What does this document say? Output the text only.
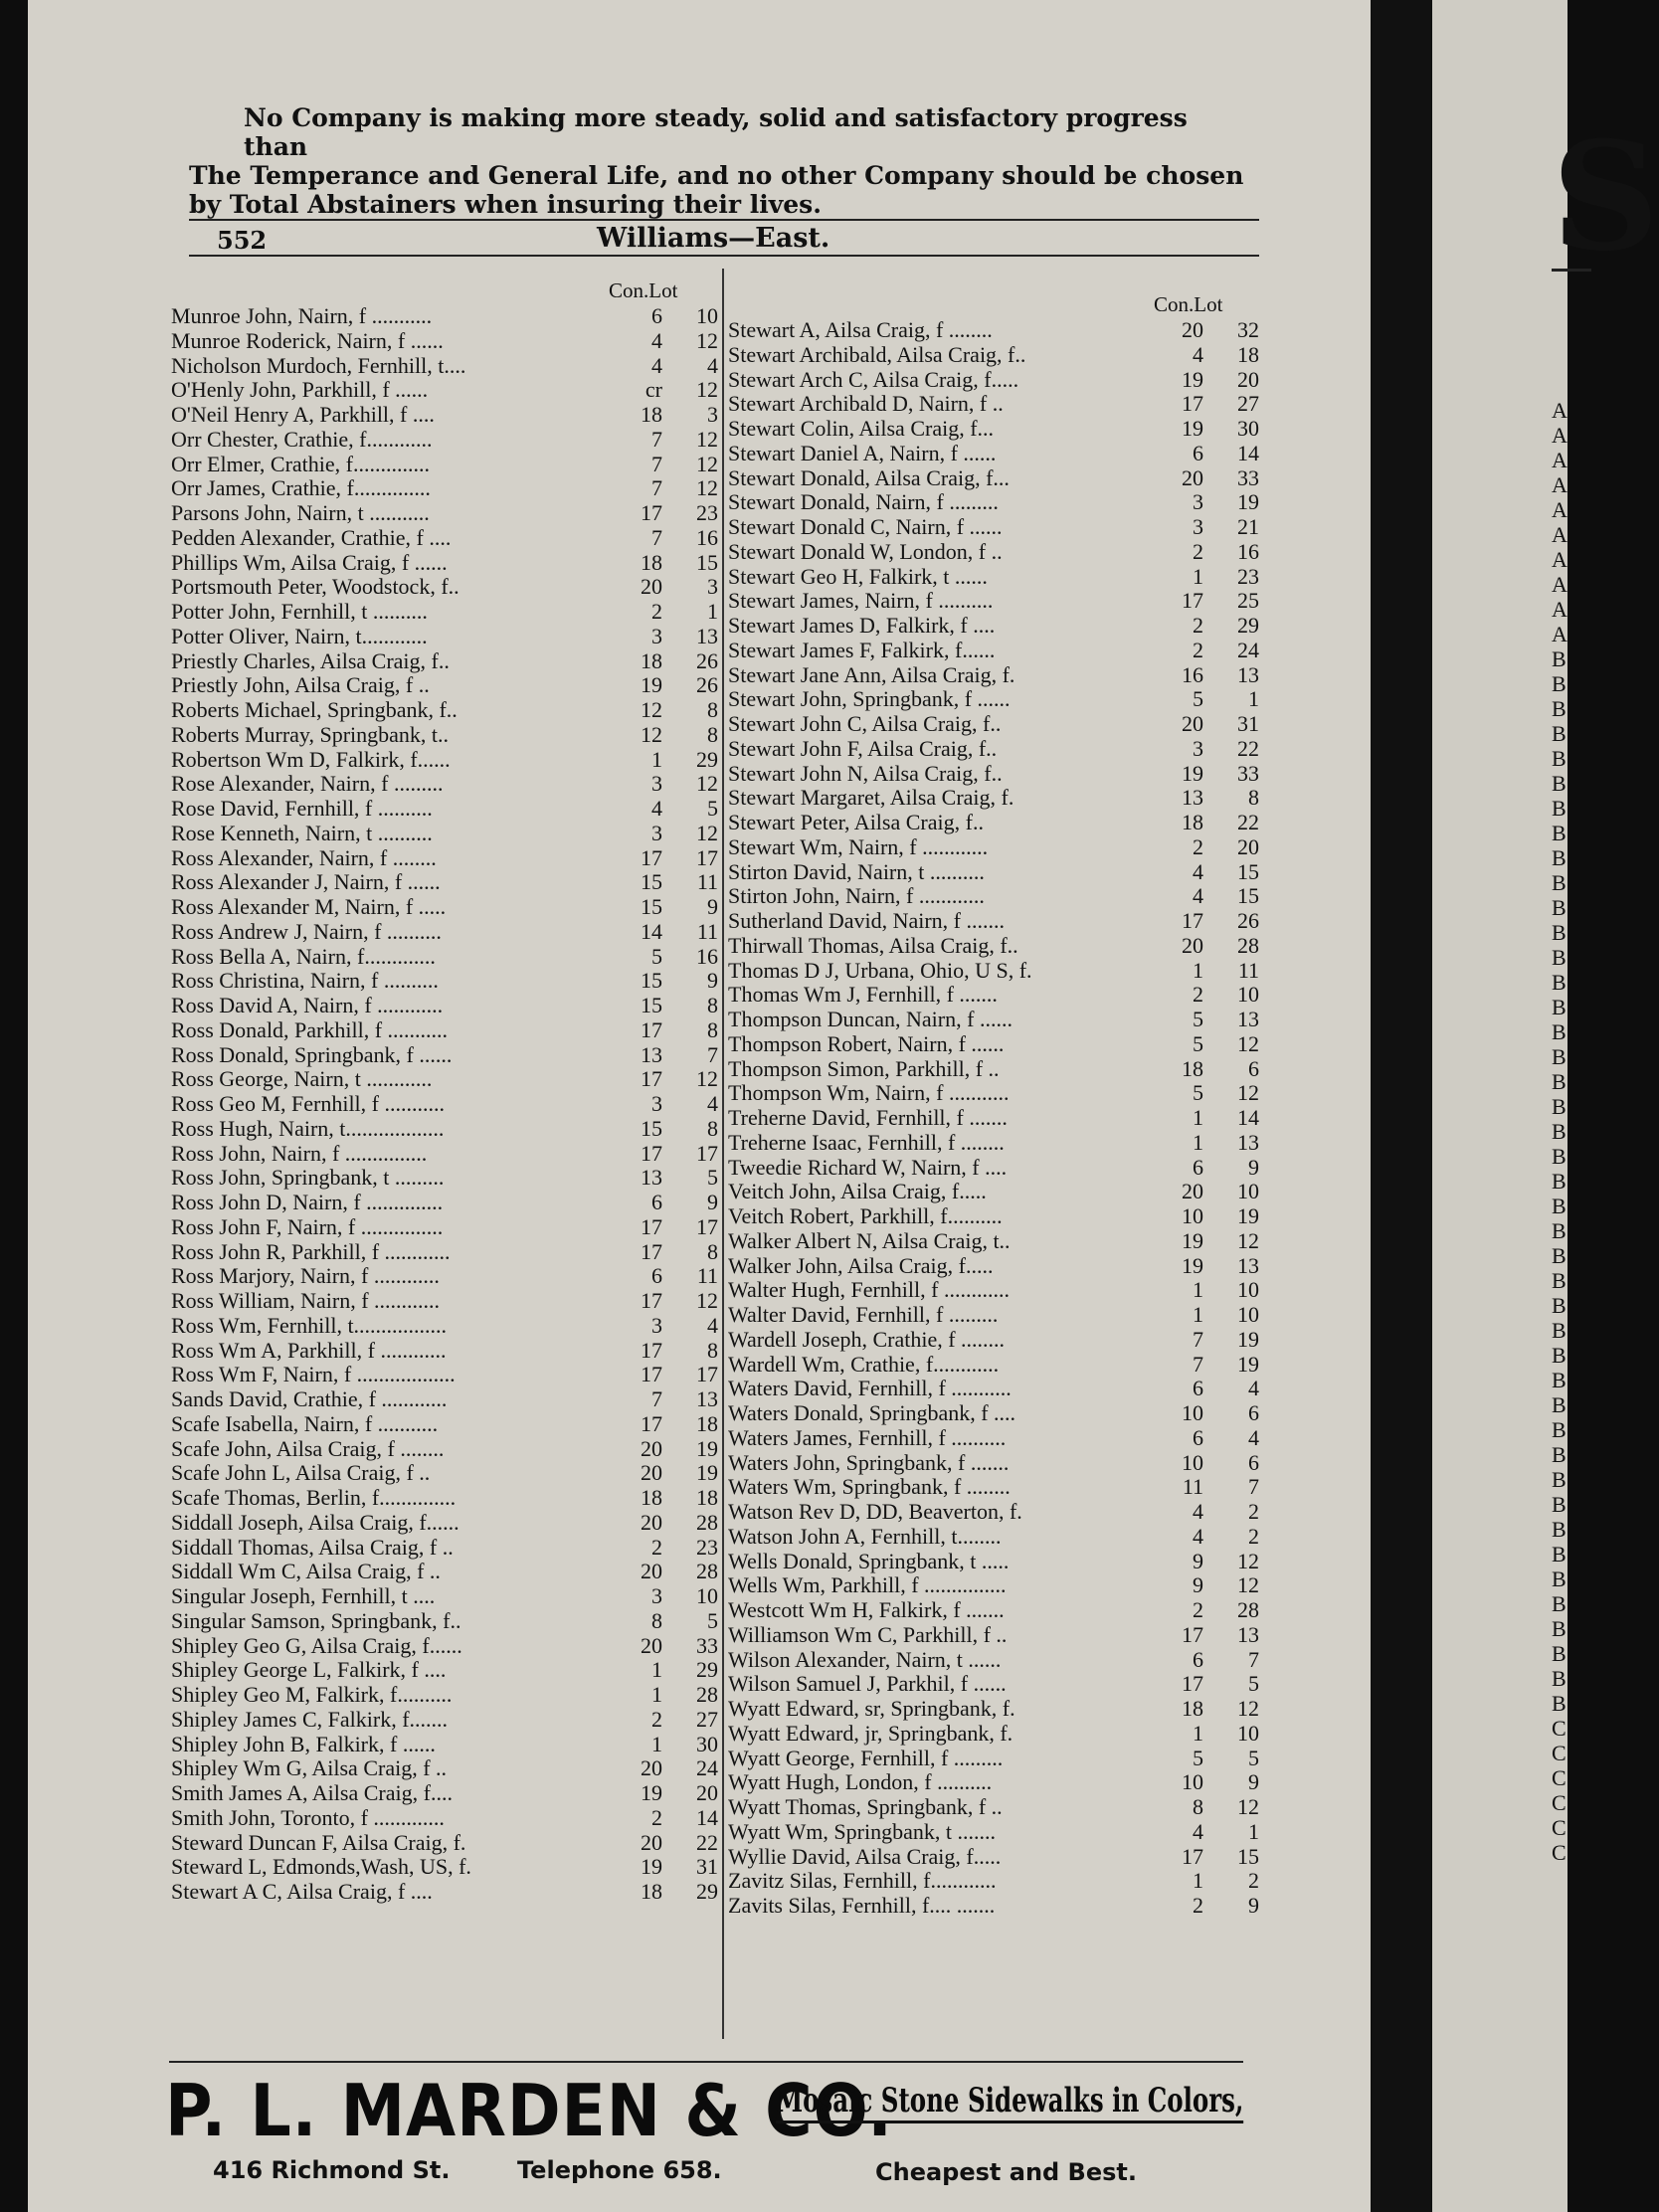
S
A
A
A
A
A
A
A
A
A
A
B
B
B
B
B
B
B
B
B
B
B
B
B
B
B
B
B
B
B
B
B
B
B
B
B
B
B
B
B
B
B
B
B
B
B
B
B
B
B
B
B
B
B
C
C
C
C
C
C
No Company is making more steady, solid and satisfactory progress than
The Temperance and General Life, and no other Company should be chosen
by Total Abstainers when insuring their lives.
552	Williams—East.
Con.Lot
Con.Lot
Munroe John, Nairn, f ...........	6	10
Munroe Roderick, Nairn, f ......	4	12
Nicholson Murdoch, Fernhill, t....	4	4
O'Henly John, Parkhill, f ......	cr	12
O'Neil Henry A, Parkhill, f ....	18	3
Orr Chester, Crathie, f............	7	12
Orr Elmer, Crathie, f..............	7	12
Orr James, Crathie, f..............	7	12
Parsons John, Nairn, t ...........	17	23
Pedden Alexander, Crathie, f ....	7	16
Phillips Wm, Ailsa Craig, f ......	18	15
Portsmouth Peter, Woodstock, f..	20	3
Potter John, Fernhill, t ..........	2	1
Potter Oliver, Nairn, t............	3	13
Priestly Charles, Ailsa Craig, f..	18	26
Priestly John, Ailsa Craig, f ..	19	26
Roberts Michael, Springbank, f..	12	8
Roberts Murray, Springbank, t..	12	8
Robertson Wm D, Falkirk, f......	1	29
Rose Alexander, Nairn, f .........	3	12
Rose David, Fernhill, f ..........	4	5
Rose Kenneth, Nairn, t ..........	3	12
Ross Alexander, Nairn, f ........	17	17
Ross Alexander J, Nairn, f ......	15	11
Ross Alexander M, Nairn, f .....	15	9
Ross Andrew J, Nairn, f ..........	14	11
Ross Bella A, Nairn, f.............	5	16
Ross Christina, Nairn, f ..........	15	9
Ross David A, Nairn, f ............	15	8
Ross Donald, Parkhill, f ...........	17	8
Ross Donald, Springbank, f ......	13	7
Ross George, Nairn, t ............	17	12
Ross Geo M, Fernhill, f ...........	3	4
Ross Hugh, Nairn, t..................	15	8
Ross John, Nairn, f ...............	17	17
Ross John, Springbank, t .........	13	5
Ross John D, Nairn, f ..............	6	9
Ross John F, Nairn, f ...............	17	17
Ross John R, Parkhill, f ............	17	8
Ross Marjory, Nairn, f ............	6	11
Ross William, Nairn, f ............	17	12
Ross Wm, Fernhill, t.................	3	4
Ross Wm A, Parkhill, f ............	17	8
Ross Wm F, Nairn, f ..................	17	17
Sands David, Crathie, f ............	7	13
Scafe Isabella, Nairn, f ...........	17	18
Scafe John, Ailsa Craig, f ........	20	19
Scafe John L, Ailsa Craig, f ..	20	19
Scafe Thomas, Berlin, f..............	18	18
Siddall Joseph, Ailsa Craig, f......	20	28
Siddall Thomas, Ailsa Craig, f ..	2	23
Siddall Wm C, Ailsa Craig, f ..	20	28
Singular Joseph, Fernhill, t ....	3	10
Singular Samson, Springbank, f..	8	5
Shipley Geo G, Ailsa Craig, f......	20	33
Shipley George L, Falkirk, f ....	1	29
Shipley Geo M, Falkirk, f..........	1	28
Shipley James C, Falkirk, f.......	2	27
Shipley John B, Falkirk, f ......	1	30
Shipley Wm G, Ailsa Craig, f ..	20	24
Smith James A, Ailsa Craig, f....	19	20
Smith John, Toronto, f .............	2	14
Steward Duncan F, Ailsa Craig, f.	20	22
Steward L, Edmonds,Wash, US, f.	19	31
Stewart A C, Ailsa Craig, f ....	18	29
Stewart A, Ailsa Craig, f ........	20	32
Stewart Archibald, Ailsa Craig, f..	4	18
Stewart Arch C, Ailsa Craig, f.....	19	20
Stewart Archibald D, Nairn, f ..	17	27
Stewart Colin, Ailsa Craig, f...	19	30
Stewart Daniel A, Nairn, f ......	6	14
Stewart Donald, Ailsa Craig, f...	20	33
Stewart Donald, Nairn, f .........	3	19
Stewart Donald C, Nairn, f ......	3	21
Stewart Donald W, London, f ..	2	16
Stewart Geo H, Falkirk, t ......	1	23
Stewart James, Nairn, f ..........	17	25
Stewart James D, Falkirk, f ....	2	29
Stewart James F, Falkirk, f......	2	24
Stewart Jane Ann, Ailsa Craig, f.	16	13
Stewart John, Springbank, f ......	5	1
Stewart John C, Ailsa Craig, f..	20	31
Stewart John F, Ailsa Craig, f..	3	22
Stewart John N, Ailsa Craig, f..	19	33
Stewart Margaret, Ailsa Craig, f.	13	8
Stewart Peter, Ailsa Craig, f..	18	22
Stewart Wm, Nairn, f ............	2	20
Stirton David, Nairn, t ..........	4	15
Stirton John, Nairn, f ............	4	15
Sutherland David, Nairn, f .......	17	26
Thirwall Thomas, Ailsa Craig, f..	20	28
Thomas D J, Urbana, Ohio, U S, f.	1	11
Thomas Wm J, Fernhill, f .......	2	10
Thompson Duncan, Nairn, f ......	5	13
Thompson Robert, Nairn, f ......	5	12
Thompson Simon, Parkhill, f ..	18	6
Thompson Wm, Nairn, f ...........	5	12
Treherne David, Fernhill, f .......	1	14
Treherne Isaac, Fernhill, f ........	1	13
Tweedie Richard W, Nairn, f ....	6	9
Veitch John, Ailsa Craig, f.....	20	10
Veitch Robert, Parkhill, f..........	10	19
Walker Albert N, Ailsa Craig, t..	19	12
Walker John, Ailsa Craig, f.....	19	13
Walter Hugh, Fernhill, f ............	1	10
Walter David, Fernhill, f .........	1	10
Wardell Joseph, Crathie, f ........	7	19
Wardell Wm, Crathie, f............	7	19
Waters David, Fernhill, f ...........	6	4
Waters Donald, Springbank, f ....	10	6
Waters James, Fernhill, f ..........	6	4
Waters John, Springbank, f .......	10	6
Waters Wm, Springbank, f ........	11	7
Watson Rev D, DD, Beaverton, f.	4	2
Watson John A, Fernhill, t........	4	2
Wells Donald, Springbank, t .....	9	12
Wells Wm, Parkhill, f ...............	9	12
Westcott Wm H, Falkirk, f .......	2	28
Williamson Wm C, Parkhill, f ..	17	13
Wilson Alexander, Nairn, t ......	6	7
Wilson Samuel J, Parkhil, f ......	17	5
Wyatt Edward, sr, Springbank, f.	18	12
Wyatt Edward, jr, Springbank, f.	1	10
Wyatt George, Fernhill, f .........	5	5
Wyatt Hugh, London, f ..........	10	9
Wyatt Thomas, Springbank, f ..	8	12
Wyatt Wm, Springbank, t .......	4	1
Wyllie David, Ailsa Craig, f.....	17	15
Zavitz Silas, Fernhill, f............	1	2
Zavits Silas, Fernhill, f.... .......	2	9
P. L. MARDEN & CO.
Mosaic Stone Sidewalks in Colors,
416 Richmond St.	Telephone 658.	Cheapest and Best.
